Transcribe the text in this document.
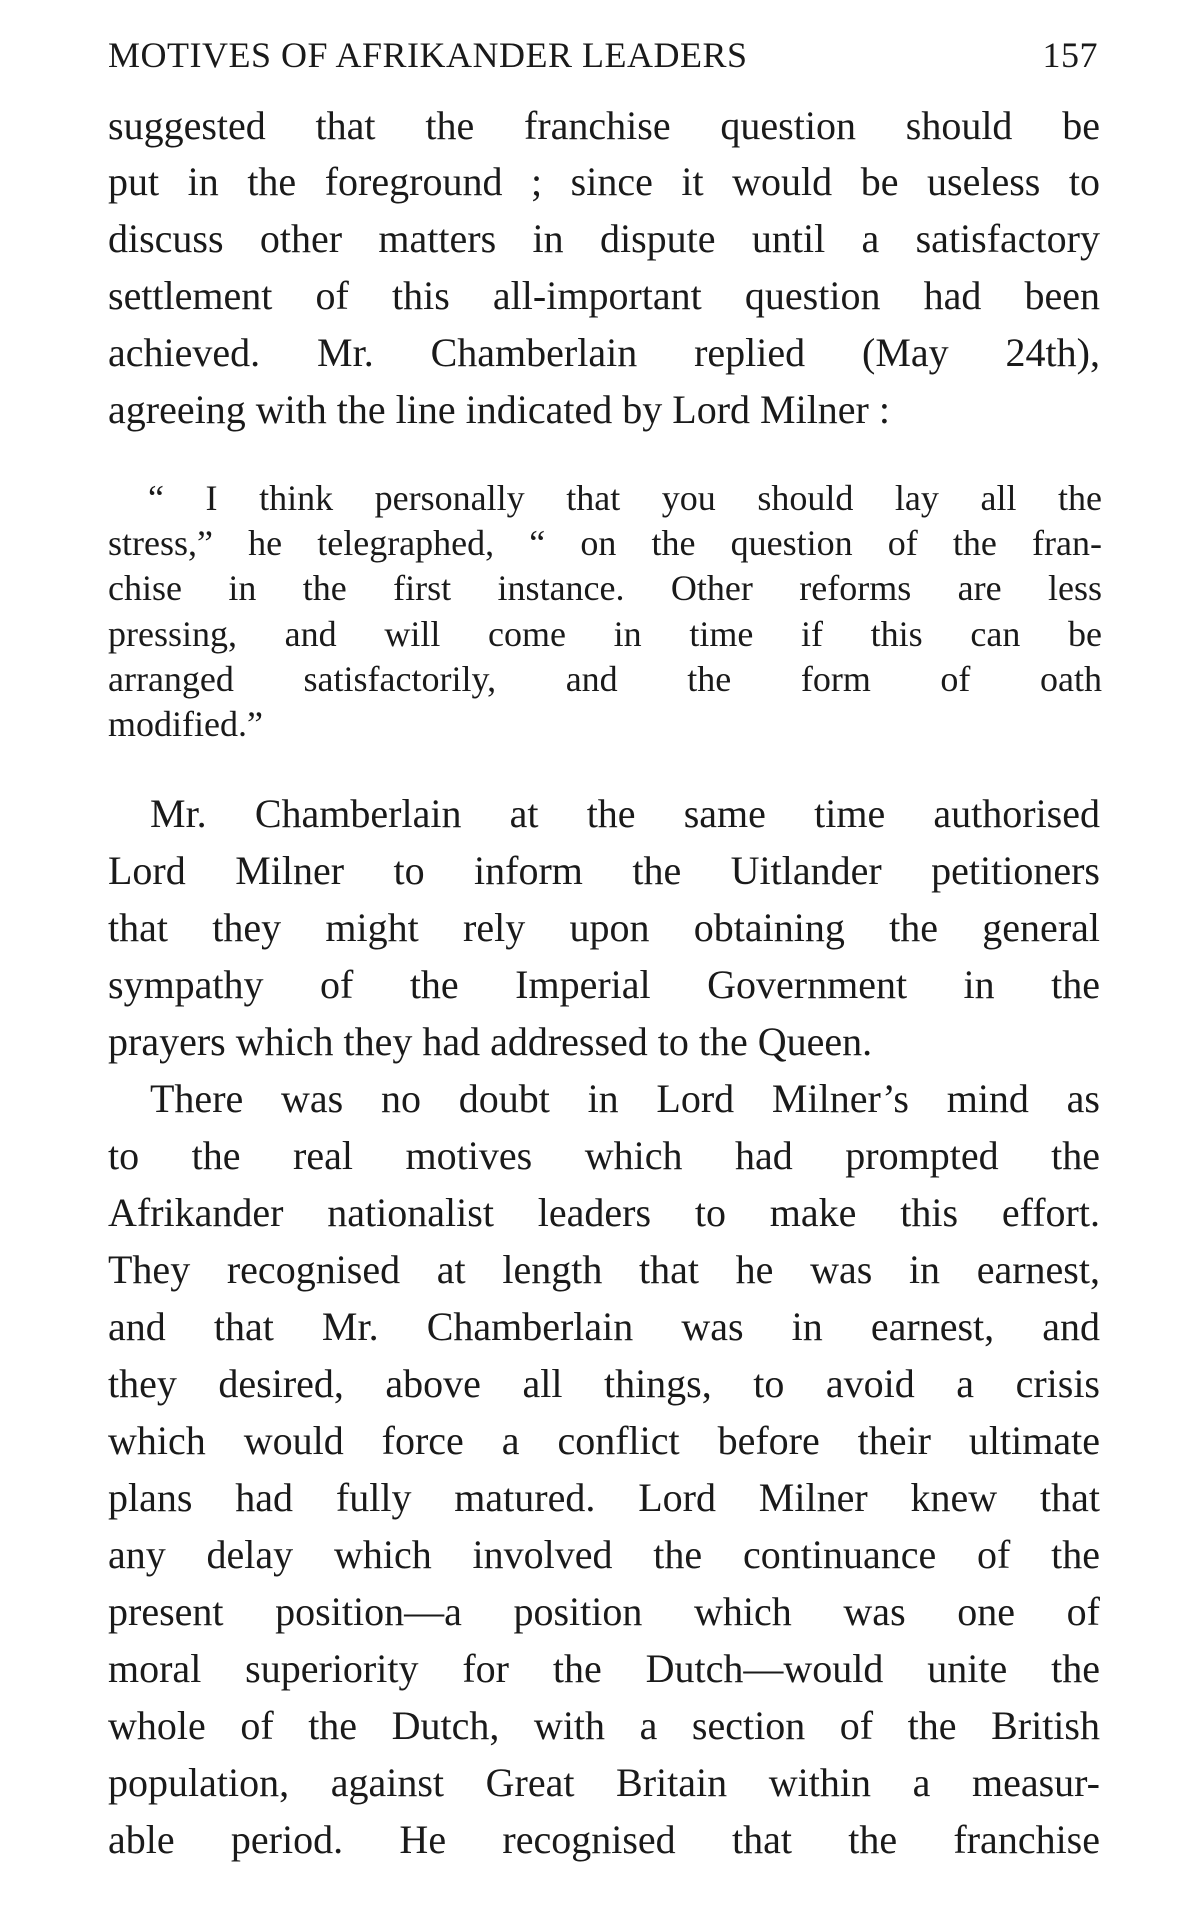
MOTIVES OF AFRIKANDER LEADERS	157
suggested that the franchise question should be
put in the foreground ; since it would be useless to
discuss other matters in dispute until a satisfactory
settlement of this all-important question had been
achieved. Mr. Chamberlain replied (May 24th),
agreeing with the line indicated by Lord Milner :
“ I think personally that you should lay all the
stress,” he telegraphed, “ on the question of the fran-
chise in the first instance. Other reforms are less
pressing, and will come in time if this can be
arranged satisfactorily, and the form of oath
modified.”
Mr. Chamberlain at the same time authorised
Lord Milner to inform the Uitlander petitioners
that they might rely upon obtaining the general
sympathy of the Imperial Government in the
prayers which they had addressed to the Queen.
There was no doubt in Lord Milner’s mind as
to the real motives which had prompted the
Afrikander nationalist leaders to make this effort.
They recognised at length that he was in earnest,
and that Mr. Chamberlain was in earnest, and
they desired, above all things, to avoid a crisis
which would force a conflict before their ultimate
plans had fully matured. Lord Milner knew that
any delay which involved the continuance of the
present position—a position which was one of
moral superiority for the Dutch—would unite the
whole of the Dutch, with a section of the British
population, against Great Britain within a measur-
able period. He recognised that the franchise
